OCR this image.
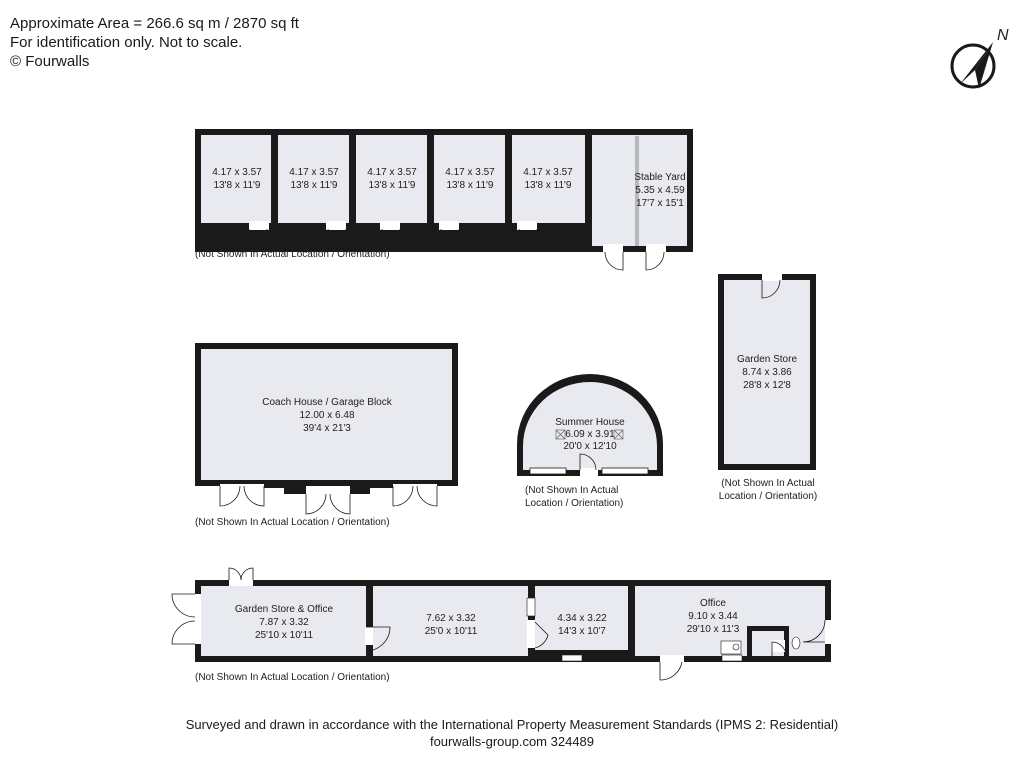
Approximate Area = 266.6 sq m / 2870 sq ft
For identification only. Not to scale.
© Fourwalls
N
4.17 x 3.57
13'8 x 11'9
4.17 x 3.57
13'8 x 11'9
4.17 x 3.57
13'8 x 11'9
4.17 x 3.57
13'8 x 11'9
4.17 x 3.57
13'8 x 11'9
Stable Yard
5.35 x 4.59
17'7 x 15'1
(Not Shown In Actual Location / Orientation)
Garden Store
8.74 x 3.86
28'8 x 12'8
(Not Shown In Actual
Location / Orientation)
Coach House / Garage Block
12.00 x 6.48
39'4 x 21'3
(Not Shown In Actual Location / Orientation)
Summer House
6.09 x 3.91
20'0 x 12'10
(Not Shown In Actual
Location / Orientation)
Garden Store & Office
7.87 x 3.32
25'10 x 10'11
7.62 x 3.32
25'0 x 10'11
4.34 x 3.22
14'3 x 10'7
Office
9.10 x 3.44
29'10 x 11'3
(Not Shown In Actual Location / Orientation)
Surveyed and drawn in accordance with the International Property Measurement Standards (IPMS 2: Residential)
fourwalls-group.com 324489
